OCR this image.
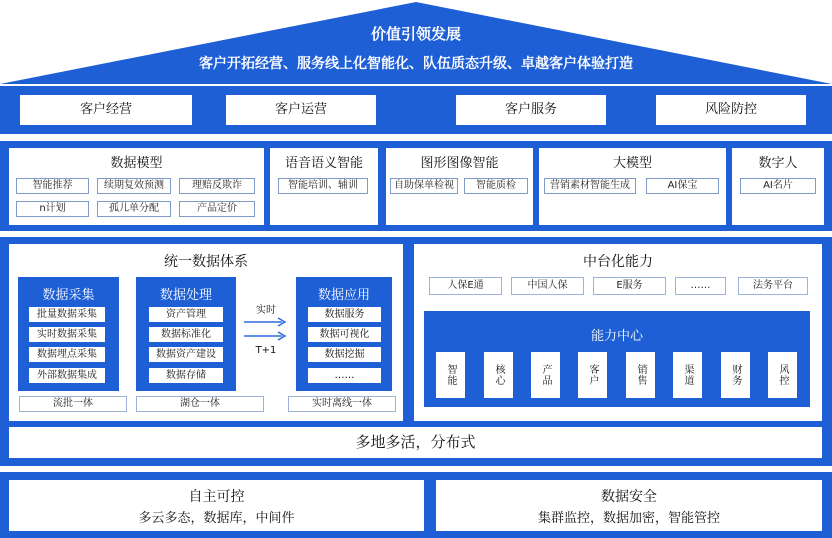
价值引领发展
客户开拓经营、服务线上化智能化、队伍质态升级、卓越客户体验打造
客户经营	客户运营	客户服务	风险防控
数据模型
智能推荐	续期复效预测	理赔反欺诈
n计划	孤儿单分配	产品定价
语音语义智能
智能培训、辅训
图形图像智能
自助保单检视	智能质检
大模型
营销素材智能生成	AI保宝
数字人
AI名片
统一数据体系
数据采集
批量数据采集
实时数据采集
数据埋点采集
外部数据集成
流批一体
数据处理
资产管理
数据标准化
数据资产建设
数据存储
湖仓一体
实时
T+1
数据应用
数据服务
数据可视化
数据挖掘
……
实时离线一体
中台化能力
人保E通	中国人保	E服务	……	法务平台
能力中心
智能	核心	产品	客户	销售	渠道	财务	风控
多地多活，分布式
自主可控
多云多态，数据库，中间件
数据安全
集群监控，数据加密，智能管控
